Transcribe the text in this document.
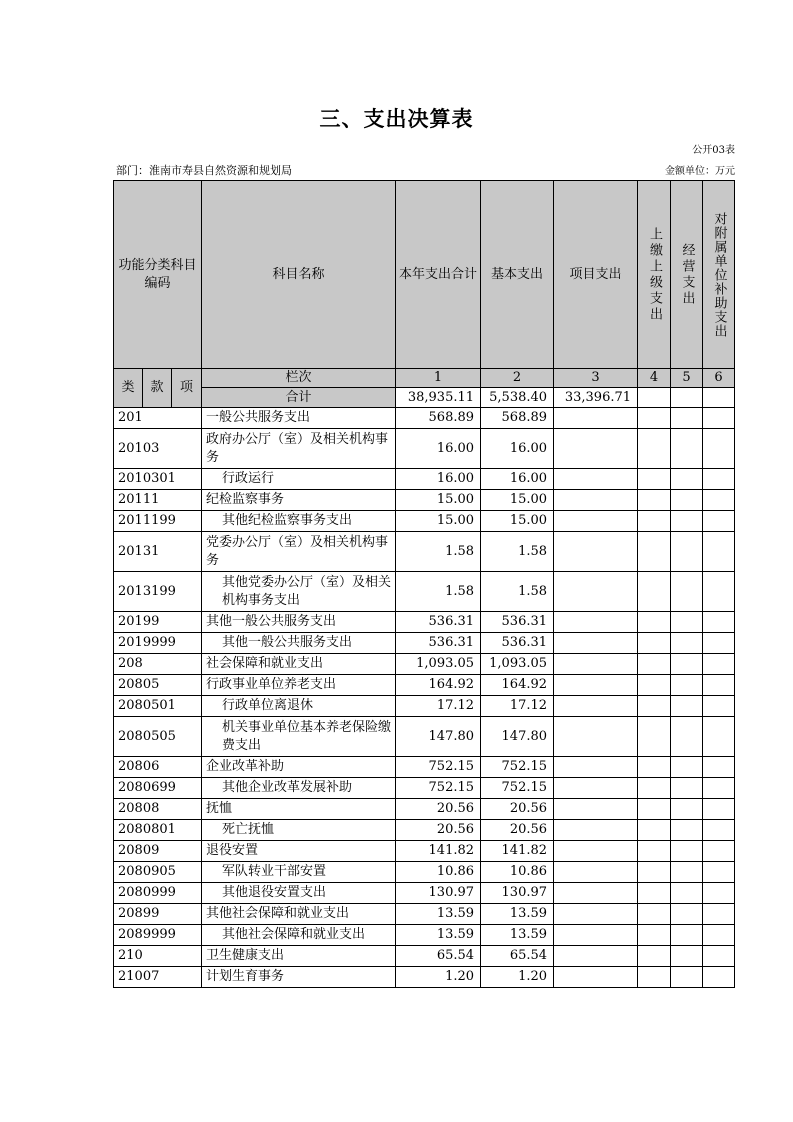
三、支出决算表
公开03表
部门：淮南市寿县自然资源和规划局	金额单位：万元
功能分类科目编码			科目名称	本年支出合计	基本支出	项目支出	上缴上级支出	经营支出	对附属单位补助支出

类	款	项	栏次	1	2	3	4	5	6
			合计	38,935.11	5,538.40	33,396.71			
201			一般公共服务支出	568.89	568.89				
20103			政府办公厅（室）及相关机构事务	16.00	16.00				
2010301			行政运行	16.00	16.00				
20111			纪检监察事务	15.00	15.00				
2011199			其他纪检监察事务支出	15.00	15.00				
20131			党委办公厅（室）及相关机构事务	1.58	1.58				
2013199			其他党委办公厅（室）及相关机构事务支出	1.58	1.58				
20199			其他一般公共服务支出	536.31	536.31				
2019999			其他一般公共服务支出	536.31	536.31				
208			社会保障和就业支出	1,093.05	1,093.05				
20805			行政事业单位养老支出	164.92	164.92				
2080501			行政单位离退休	17.12	17.12				
2080505			机关事业单位基本养老保险缴费支出	147.80	147.80				
20806			企业改革补助	752.15	752.15				
2080699			其他企业改革发展补助	752.15	752.15				
20808			抚恤	20.56	20.56				
2080801			死亡抚恤	20.56	20.56				
20809			退役安置	141.82	141.82				
2080905			军队转业干部安置	10.86	10.86				
2080999			其他退役安置支出	130.97	130.97				
20899			其他社会保障和就业支出	13.59	13.59				
2089999			其他社会保障和就业支出	13.59	13.59				
210			卫生健康支出	65.54	65.54				
21007			计划生育事务	1.20	1.20				
